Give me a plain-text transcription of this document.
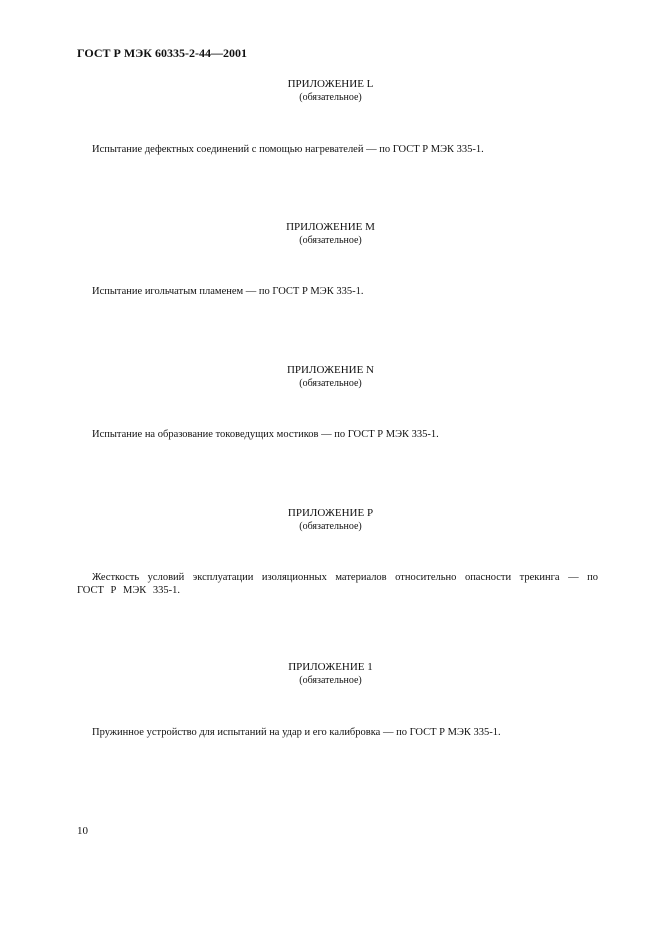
ГОСТ Р МЭК 60335-2-44—2001
ПРИЛОЖЕНИЕ L
(обязательное)
Испытание дефектных соединений с помощью нагревателей — по ГОСТ Р МЭК 335-1.
ПРИЛОЖЕНИЕ M
(обязательное)
Испытание игольчатым пламенем — по ГОСТ Р МЭК 335-1.
ПРИЛОЖЕНИЕ N
(обязательное)
Испытание на образование токоведущих мостиков — по ГОСТ Р МЭК 335-1.
ПРИЛОЖЕНИЕ P
(обязательное)
Жесткость условий эксплуатации изоляционных материалов относительно опасности трекинга — по ГОСТ Р МЭК 335-1.
ПРИЛОЖЕНИЕ 1
(обязательное)
Пружинное устройство для испытаний на удар и его калибровка — по ГОСТ Р МЭК 335-1.
10
